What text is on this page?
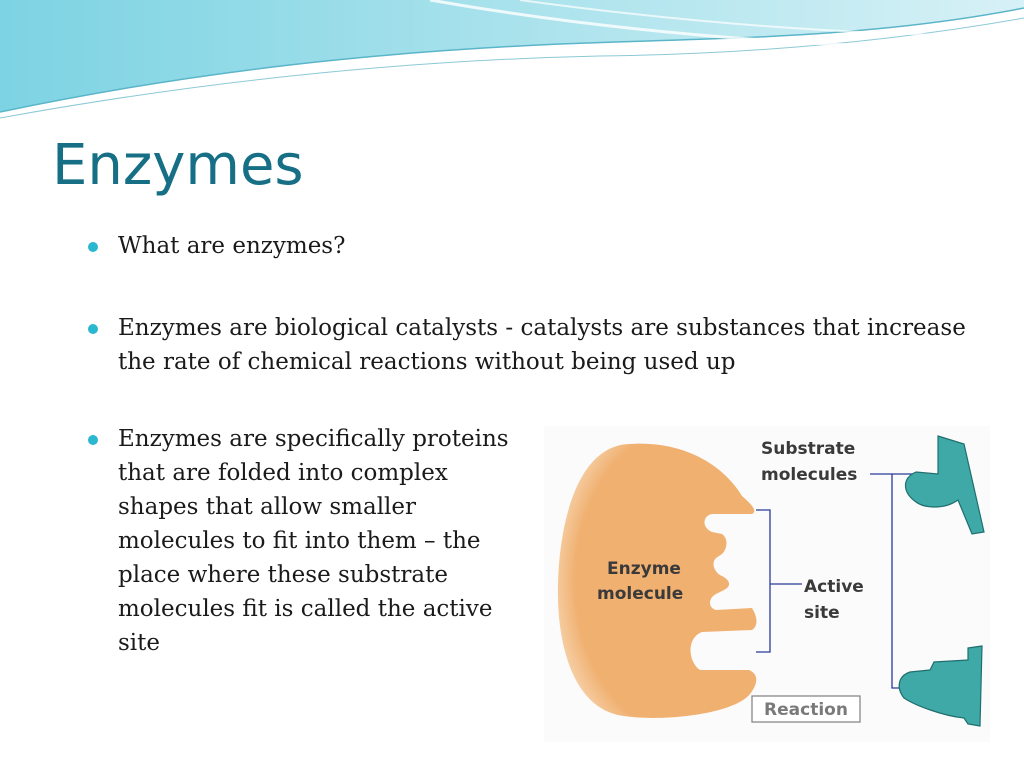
Enzymes
What are enzymes?
Enzymes are biological catalysts - catalysts are substances that increase the rate of chemical reactions without being used up
Enzymes are specifically proteins that are folded into complex shapes that allow smaller molecules to fit into them – the place where these substrate molecules fit is called the active site
Enzyme
molecule	Active
site
Substrate
molecules
Reaction
